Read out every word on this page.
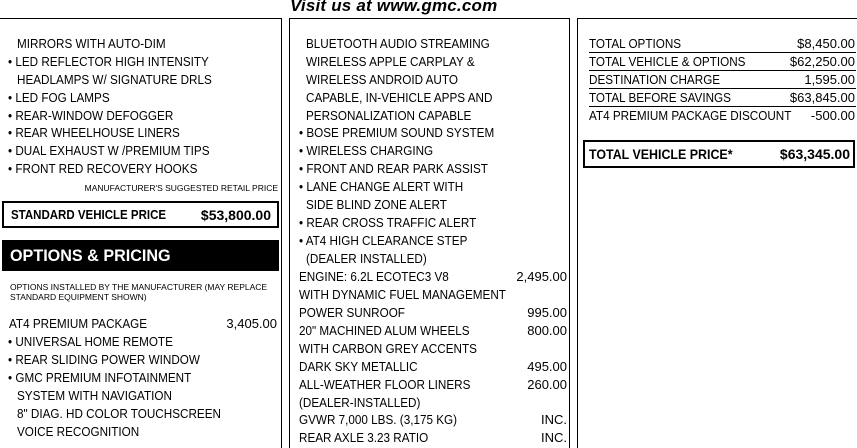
Visit us at www.gmc.com
MIRRORS WITH AUTO-DIM
• LED REFLECTOR HIGH INTENSITY
HEADLAMPS W/ SIGNATURE DRLS
• LED FOG LAMPS
• REAR-WINDOW DEFOGGER
• REAR WHEELHOUSE LINERS
• DUAL EXHAUST W /PREMIUM TIPS
• FRONT RED RECOVERY HOOKS
MANUFACTURER'S SUGGESTED RETAIL PRICE
STANDARD VEHICLE PRICE $53,800.00
OPTIONS & PRICING
OPTIONS INSTALLED BY THE MANUFACTURER (MAY REPLACE STANDARD EQUIPMENT SHOWN)
AT4 PREMIUM PACKAGE	3,405.00
• UNIVERSAL HOME REMOTE
• REAR SLIDING POWER WINDOW
• GMC PREMIUM INFOTAINMENT
SYSTEM WITH NAVIGATION
8" DIAG. HD COLOR TOUCHSCREEN
VOICE RECOGNITION
BLUETOOTH AUDIO STREAMING
WIRELESS APPLE CARPLAY &
WIRELESS ANDROID AUTO
CAPABLE, IN-VEHICLE APPS AND
PERSONALIZATION CAPABLE
• BOSE PREMIUM SOUND SYSTEM
• WIRELESS CHARGING
• FRONT AND REAR PARK ASSIST
• LANE CHANGE ALERT WITH
SIDE BLIND ZONE ALERT
• REAR CROSS TRAFFIC ALERT
• AT4 HIGH CLEARANCE STEP
(DEALER INSTALLED)
ENGINE: 6.2L ECOTEC3 V8	2,495.00
WITH DYNAMIC FUEL MANAGEMENT
POWER SUNROOF	995.00
20" MACHINED ALUM WHEELS	800.00
WITH CARBON GREY ACCENTS
DARK SKY METALLIC	495.00
ALL-WEATHER FLOOR LINERS	260.00
(DEALER-INSTALLED)
GVWR 7,000 LBS. (3,175 KG)	INC.
REAR AXLE 3.23 RATIO	INC.
TOTAL OPTIONS	$8,450.00
TOTAL VEHICLE & OPTIONS	$62,250.00
DESTINATION CHARGE	1,595.00
TOTAL BEFORE SAVINGS	$63,845.00
AT4 PREMIUM PACKAGE DISCOUNT -500.00
TOTAL VEHICLE PRICE*	$63,345.00
